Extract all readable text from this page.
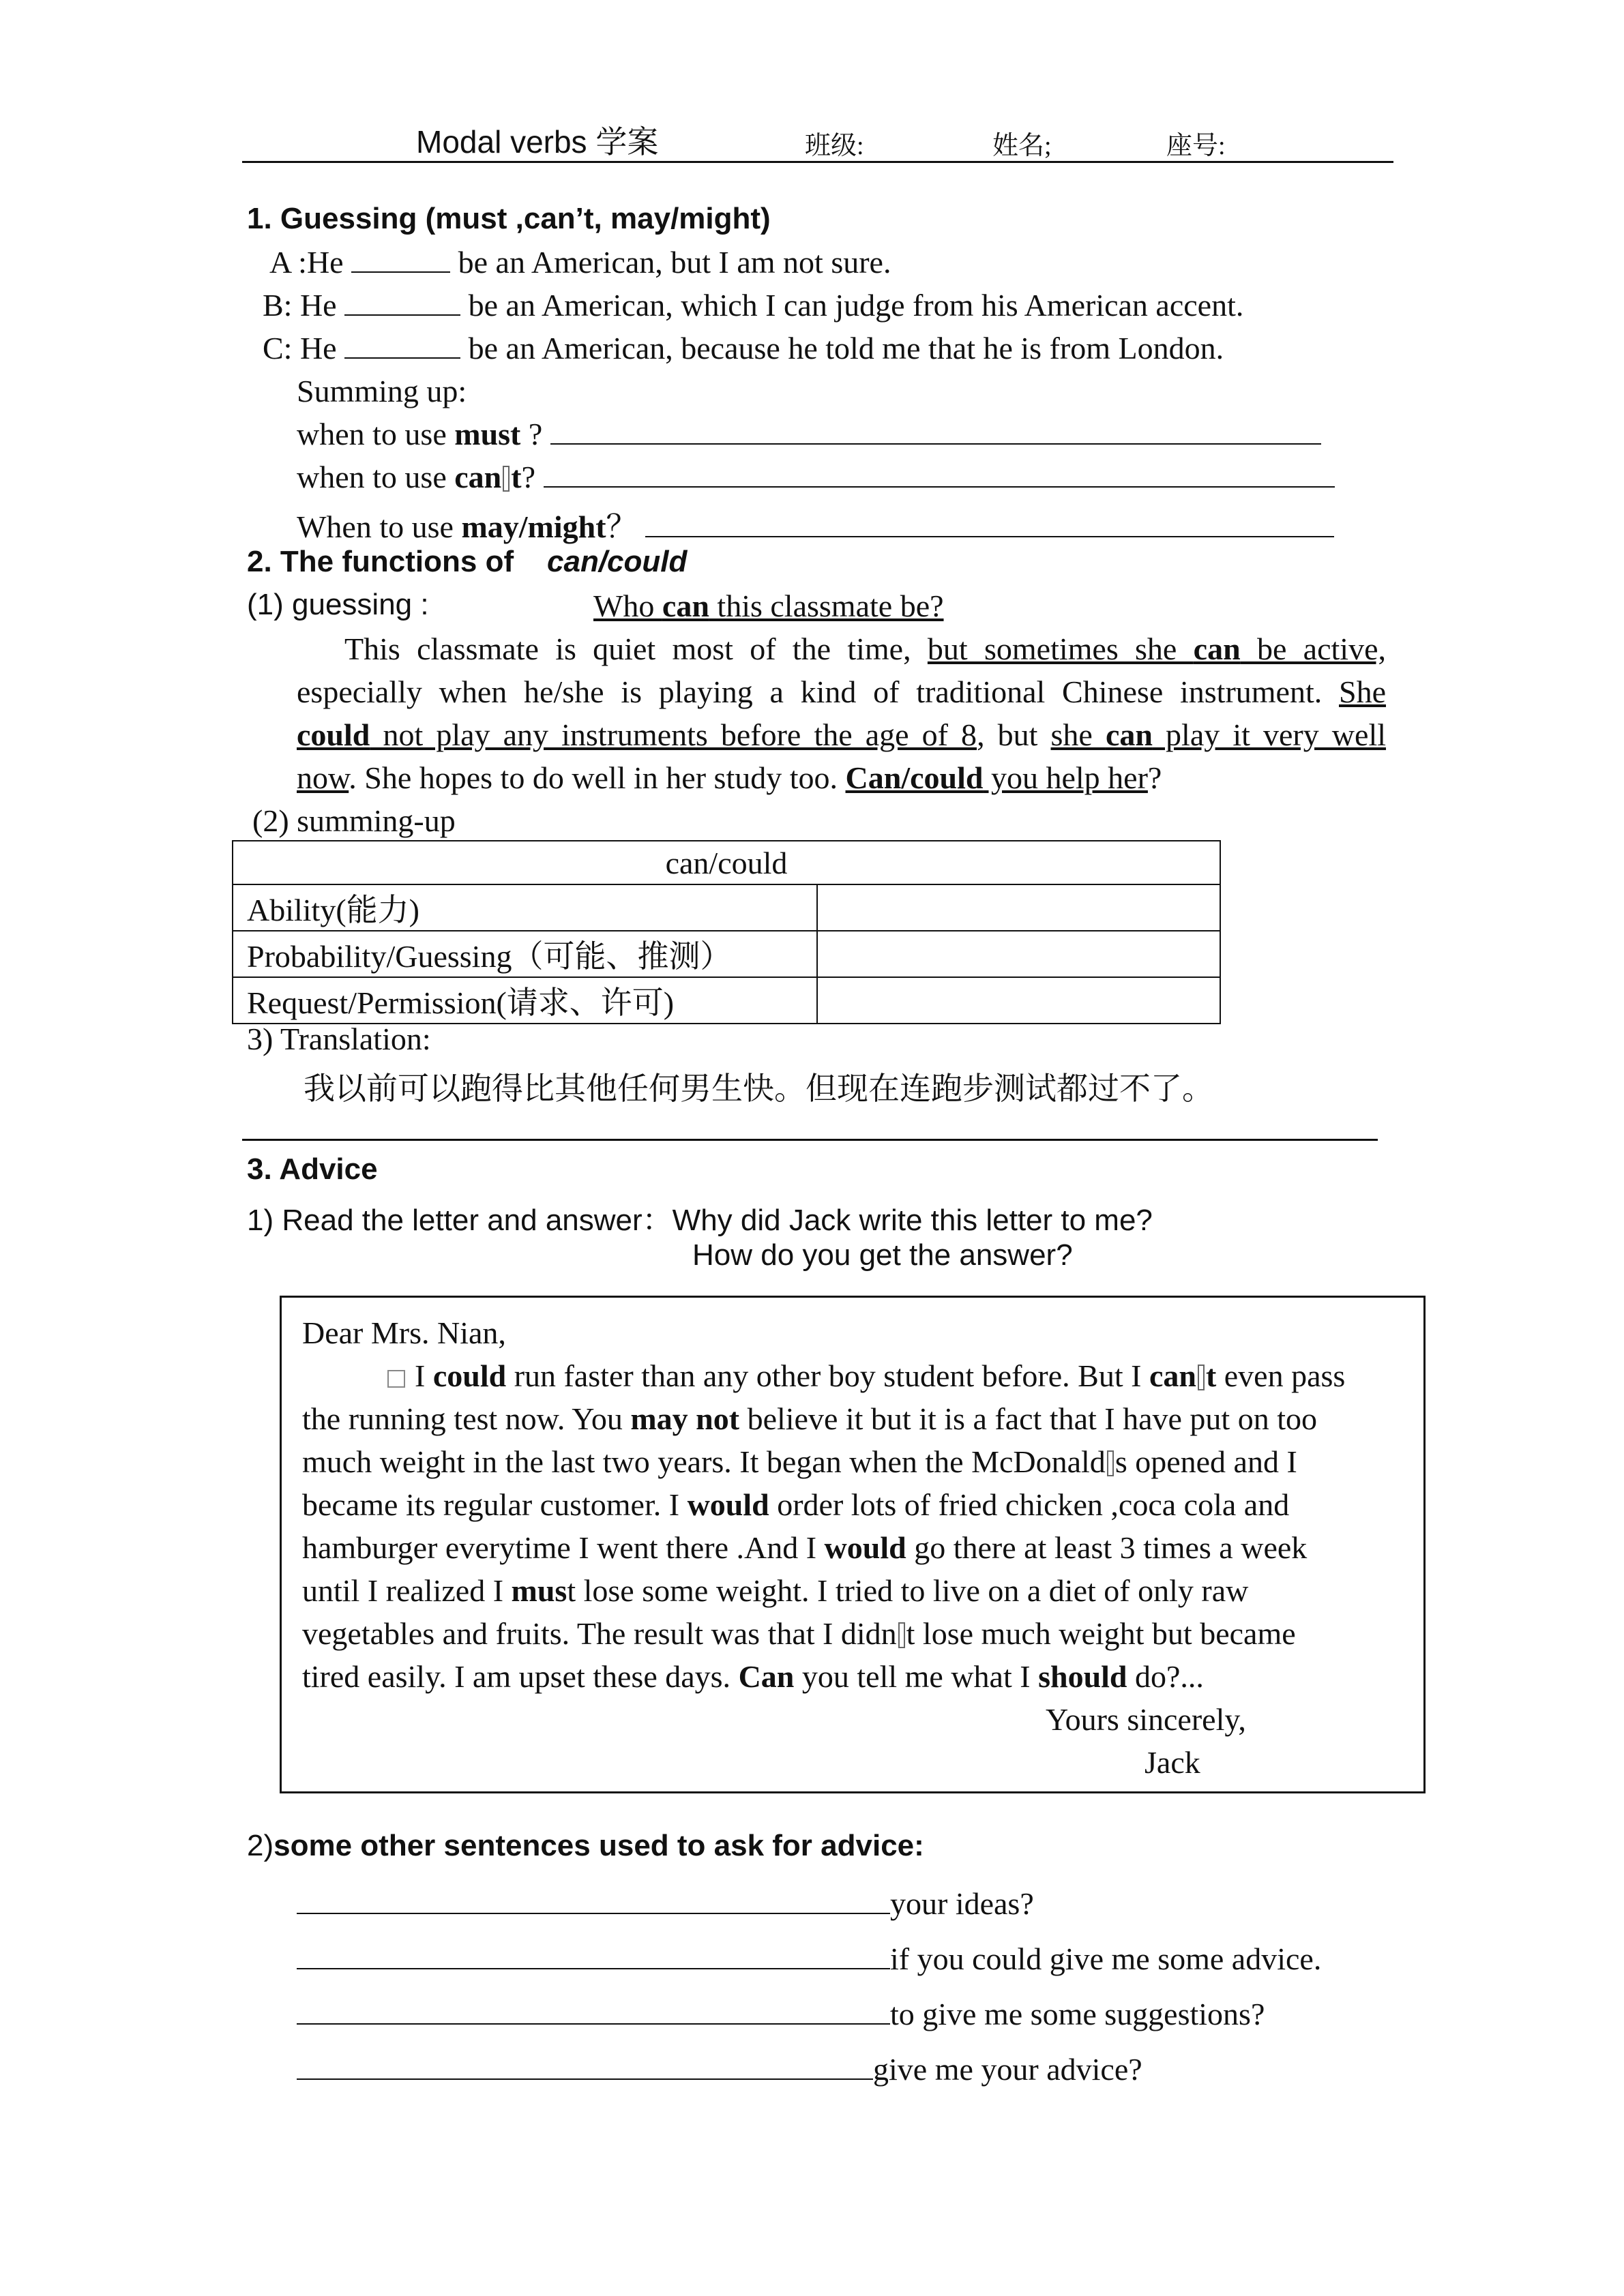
Modal verbs 学案	班级:	姓名;	座号:
1. Guessing (must ,can’t, may/might)
A :He	be an American, but I am not sure.
B: He	be an American, which I can judge from his American accent.
C: He	be an American, because he told me that he is from London.
Summing up:
when to use must ?
when to use can t?
When to use may/might？
2. The functions of can/could
(1) guessing :	Who can this classmate be?
This classmate is quiet most of the time, but sometimes she can be active,
especially when he/she is playing a kind of traditional Chinese instrument. She
could not play any instruments before the age of 8, but she can play it very well
now. She hopes to do well in her study too. Can/could you help her?
(2) summing-up
can/could	
Ability(能力)	
Probability/Guessing（可能、推测）	
Request/Permission(请求、许可)	
3) Translation:
我以前可以跑得比其他任何男生快。但现在连跑步测试都过不了。
3. Advice
1) Read the letter and answer：Why did Jack write this letter to me?
How do you get the answer?
Dear Mrs. Nian,
I could run faster than any other boy student before. But I can t even pass
the running test now. You may not believe it but it is a fact that I have put on too
much weight in the last two years. It began when the McDonald s opened and I
became its regular customer. I would order lots of fried chicken ,coca cola and
hamburger everytime I went there .And I would go there at least 3 times a week
until I realized I must lose some weight. I tried to live on a diet of only raw
vegetables and fruits. The result was that I didn t lose much weight but became
tired easily. I am upset these days. Can you tell me what I should do?...
Yours sincerely,
Jack
2)some other sentences used to ask for advice:
your ideas?
if you could give me some advice.
to give me some suggestions?
give me your advice?
